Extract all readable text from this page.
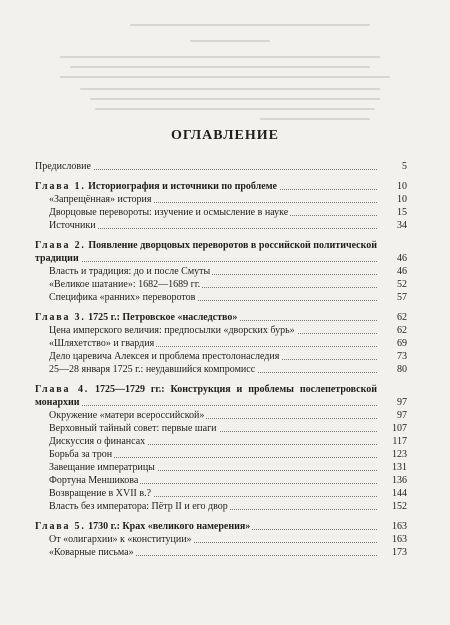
ОГЛАВЛЕНИЕ
Предисловие	5
Глава 1. Историография и источники по проблеме	10
«Запрещённая» история	10
Дворцовые перевороты: изучение и осмысление в науке	15
Источники	34
Глава 2. Появление дворцовых переворотов в российской политической традиции	46
Власть и традиция: до и после Смуты	46
«Великое шатание»: 1682—1689 гг.	52
Специфика «ранних» переворотов	57
Глава 3. 1725 г.: Петровское «наследство»	62
Цена имперского величия: предпосылки «дворских бурь»	62
«Шляхетство» и гвардия	69
Дело царевича Алексея и проблема престолонаследия	73
25—28 января 1725 г.: неудавшийся компромисс	80
Глава 4. 1725—1729 гг.: Конструкция и проблемы послепетровской монархии	97
Окружение «матери всероссийской»	97
Верховный тайный совет: первые шаги	107
Дискуссия о финансах	117
Борьба за трон	123
Завещание императрицы	131
Фортуна Меншикова	136
Возвращение в XVII в.?	144
Власть без императора: Пётр II и его двор	152
Глава 5. 1730 г.: Крах «великого намерения»	163
От «олигархии» к «конституции»	163
«Коварные письма»	173
